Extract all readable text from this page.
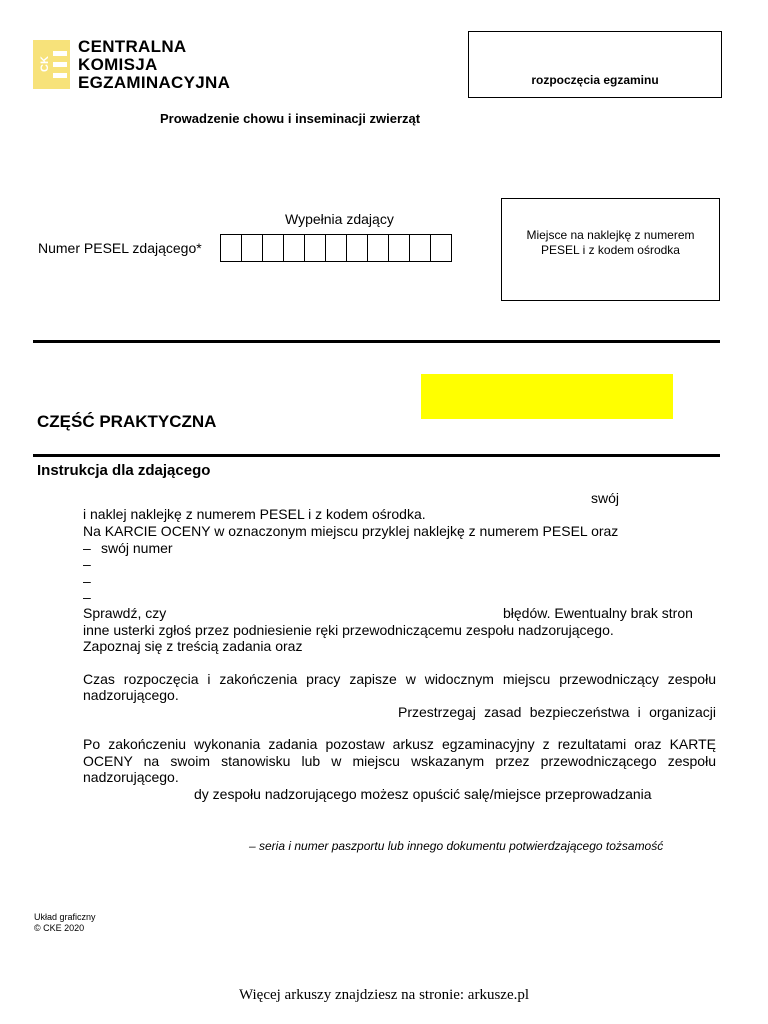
CK
CENTRALNA
KOMISJA
EGZAMINACYJNA	rozpoczęcia egzaminu
Prowadzenie chowu i inseminacji zwierząt
Wypełnia zdający
Numer PESEL zdającego*
Miejsce na naklejkę z numerem PESEL i z kodem ośrodka
CZĘŚĆ PRAKTYCZNA
Instrukcja dla zdającego
swój
i naklej naklejkę z numerem PESEL i z kodem ośrodka.
Na KARCIE OCENY w oznaczonym miejscu przyklej naklejkę z numerem PESEL oraz
– swój numer
–
–
–
Sprawdź, czy	błędów. Ewentualny brak stron
inne usterki zgłoś przez podniesienie ręki przewodniczącemu zespołu nadzorującego.
Zapoznaj się z treścią zadania oraz
Czas rozpoczęcia i zakończenia pracy zapisze w widocznym miejscu przewodniczący zespołu
nadzorującego.
Przestrzegaj zasad bezpieczeństwa i organizacji
Po zakończeniu wykonania zadania pozostaw arkusz egzaminacyjny z rezultatami oraz KARTĘ
OCENY na swoim stanowisku lub w miejscu wskazanym przez przewodniczącego zespołu
nadzorującego.
dy zespołu nadzorującego możesz opuścić salę/miejsce przeprowadzania
– seria i numer paszportu lub innego dokumentu potwierdzającego tożsamość
Układ graficzny
© CKE 2020
Więcej arkuszy znajdziesz na stronie: arkusze.pl
